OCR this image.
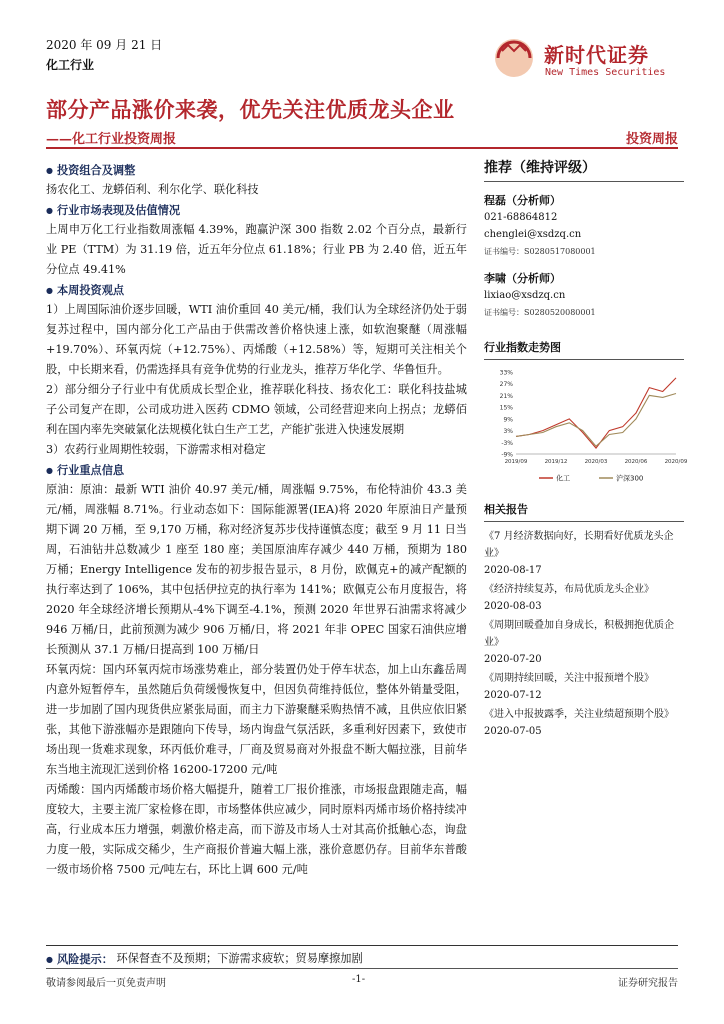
2020 年 09 月 21 日
化工行业	新时代证券
New Times Securities
部分产品涨价来袭，优先关注优质龙头企业
——化工行业投资周报	投资周报
● 投资组合及调整

扬农化工、龙蟒佰利、利尔化学、联化科技

● 行业市场表现及估值情况

上周申万化工行业指数周涨幅 4.39%，跑赢沪深 300 指数 2.02 个百分点，最新行业 PE（TTM）为 31.19 倍，近五年分位点 61.18%；行业 PB 为 2.40 倍，近五年分位点 49.41%

● 本周投资观点

1）上周国际油价逐步回暖，WTI 油价重回 40 美元/桶，我们认为全球经济仍处于弱复苏过程中，国内部分化工产品由于供需改善价格快速上涨，如软泡聚醚（周涨幅+19.70%）、环氧丙烷（+12.75%）、丙烯酸（+12.58%）等，短期可关注相关个股，中长期来看，仍需选择具有竞争优势的行业龙头，推荐万华化学、华鲁恒升。

2）部分细分子行业中有优质成长型企业，推荐联化科技、扬农化工：联化科技盐城子公司复产在即，公司成功进入医药 CDMO 领域，公司经营迎来向上拐点；龙蟒佰利在国内率先突破氯化法规模化钛白生产工艺，产能扩张进入快速发展期

3）农药行业周期性较弱，下游需求相对稳定

● 行业重点信息

原油：原油：最新 WTI 油价 40.97 美元/桶，周涨幅 9.75%，布伦特油价 43.3 美元/桶，周涨幅 8.71%。行业动态如下：国际能源署(IEA)将 2020 年原油日产量预期下调 20 万桶，至 9,170 万桶，称对经济复苏步伐持谨慎态度；截至 9 月 11 日当周，石油钻井总数减少 1 座至 180 座；美国原油库存减少 440 万桶，预期为 180 万桶；Energy Intelligence 发布的初步报告显示，8 月份，欧佩克+的减产配额的执行率达到了 106%，其中包括伊拉克的执行率为 141%；欧佩克公布月度报告，将 2020 年全球经济增长预期从-4%下调至-4.1%，预测 2020 年世界石油需求将减少 946 万桶/日，此前预测为减少 906 万桶/日，将 2021 年非 OPEC 国家石油供应增长预测从 37.1 万桶/日提高到 100 万桶/日

环氧丙烷：国内环氧丙烷市场涨势难止，部分装置仍处于停车状态，加上山东鑫岳周内意外短暂停车，虽然随后负荷缓慢恢复中，但因负荷维持低位，整体外销量受阻，进一步加剧了国内现货供应紧张局面，而主力下游聚醚采购热情不减，且供应依旧紧张，其他下游涨幅亦是跟随向下传导，场内询盘气氛活跃，多重利好因素下，致使市场出现一货难求现象，环丙低价难寻，厂商及贸易商对外报盘不断大幅拉涨，目前华东当地主流现汇送到价格 16200-17200 元/吨

丙烯酸：国内丙烯酸市场价格大幅提升，随着工厂报价推涨，市场报盘跟随走高，幅度较大，主要主流厂家检修在即，市场整体供应减少，同时原料丙烯市场价格持续冲高，行业成本压力增强，刺激价格走高，而下游及市场人士对其高价抵触心态，询盘力度一般，实际成交稀少，生产商报价普遍大幅上涨，涨价意愿仍存。目前华东普酸一级市场价格 7500 元/吨左右，环比上调 600 元/吨

推荐（维持评级）
程磊（分析师）
021-68864812
chenglei@xsdzq.cn
证书编号：S0280517080001
李啸（分析师）
lixiao@xsdzq.cn
证书编号：S0280520080001
行业指数走势图
33%
27%
21%
15%
9%
3%
-3%
-9%
2019/09	2019/12	2020/03	2020/06	2020/09
化工	沪深300
相关报告
《7 月经济数据向好，长期看好优质龙头企业》
2020-08-17
《经济持续复苏，布局优质龙头企业》
2020-08-03
《周期回暖叠加自身成长，积极拥抱优质企业》
2020-07-20
《周期持续回暖，关注中报预增个股》
2020-07-12
《进入中报披露季，关注业绩超预期个股》
2020-07-05
● 风险提示： 环保督查不及预期；下游需求疲软；贸易摩擦加剧
敬请参阅最后一页免责声明	-1-	证券研究报告
